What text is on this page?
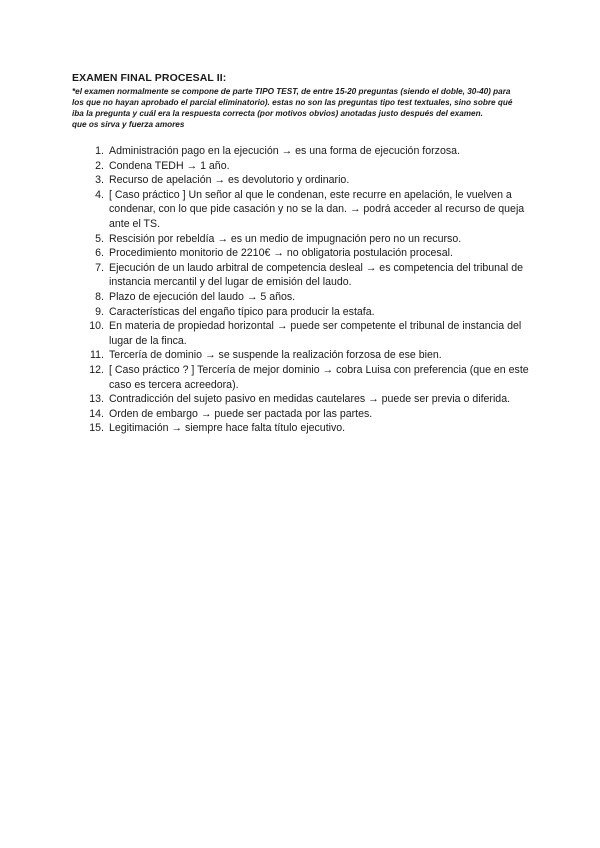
EXAMEN FINAL PROCESAL II:

*el examen normalmente se compone de parte TIPO TEST, de entre 15-20 preguntas (siendo el doble, 30-40) para los que no hayan aprobado el parcial eliminatorio). estas no son las preguntas tipo test textuales, sino sobre qué iba la pregunta y cuál era la respuesta correcta (por motivos obvios) anotadas justo después del examen.

que os sirva y fuerza amores

1. Administración pago en la ejecución → es una forma de ejecución forzosa.
2. Condena TEDH → 1 año.
3. Recurso de apelación → es devolutorio y ordinario.
4. [ Caso práctico ] Un señor al que le condenan, este recurre en apelación, le vuelven a condenar, con lo que pide casación y no se la dan. → podrá acceder al recurso de queja ante el TS.
5. Rescisión por rebeldía → es un medio de impugnación pero no un recurso.
6. Procedimiento monitorio de 2210€ → no obligatoria postulación procesal.
7. Ejecución de un laudo arbitral de competencia desleal → es competencia del tribunal de instancia mercantil y del lugar de emisión del laudo.
8. Plazo de ejecución del laudo → 5 años.
9. Características del engaño típico para producir la estafa.
10. En materia de propiedad horizontal → puede ser competente el tribunal de instancia del lugar de la finca.
11. Tercería de dominio → se suspende la realización forzosa de ese bien.
12. [ Caso práctico ? ] Tercería de mejor dominio → cobra Luisa con preferencia (que en este caso es tercera acreedora).
13. Contradicción del sujeto pasivo en medidas cautelares → puede ser previa o diferida.
14. Orden de embargo → puede ser pactada por las partes.
15. Legitimación → siempre hace falta título ejecutivo.
